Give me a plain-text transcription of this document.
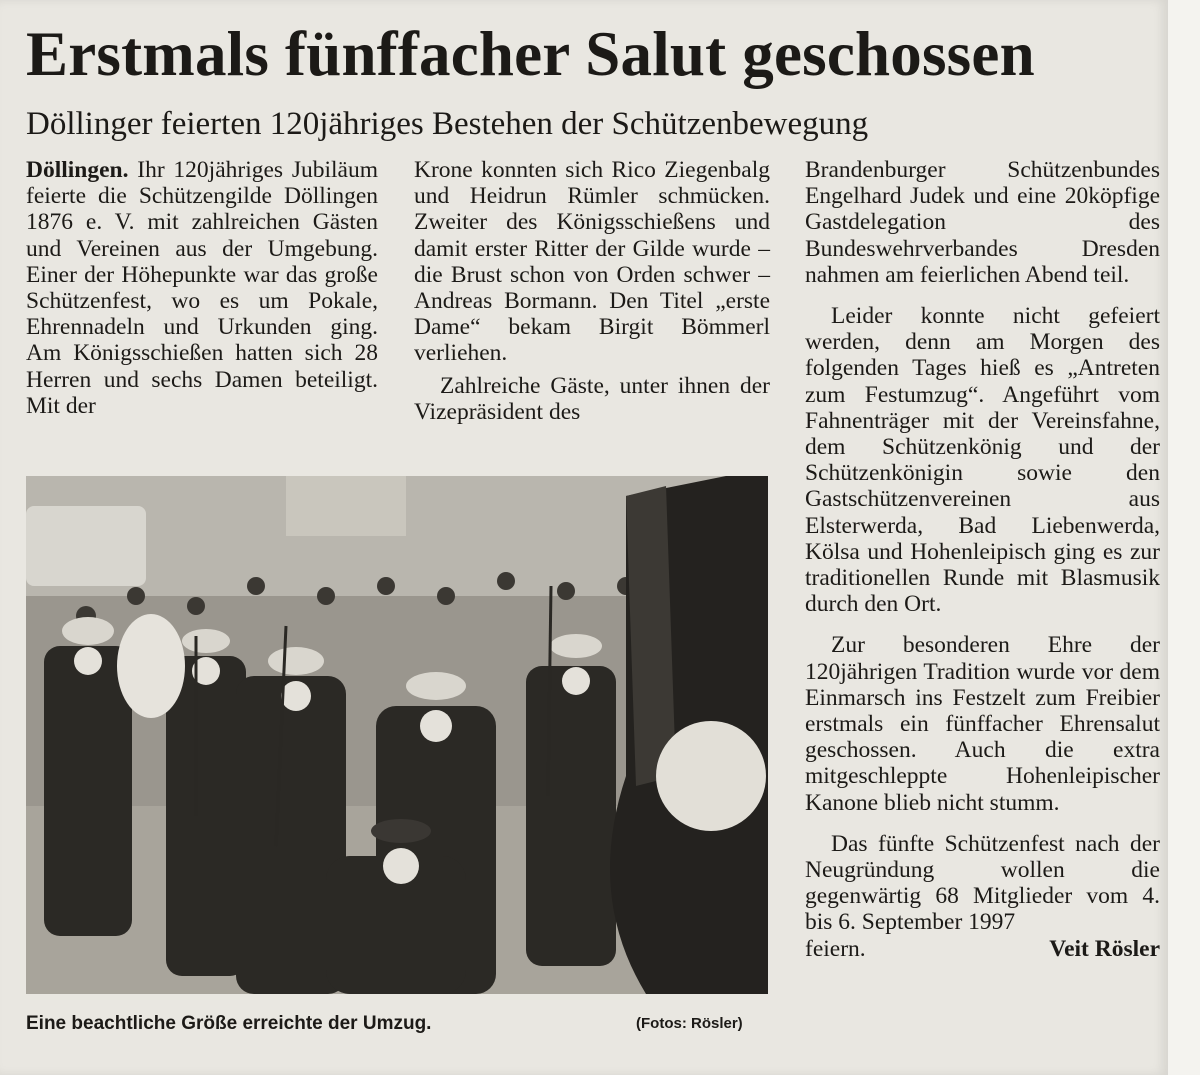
Erstmals fünffacher Salut geschossen
Döllinger feierten 120jähriges Bestehen der Schützenbewegung

Döllingen. Ihr 120jähriges Jubiläum feierte die Schützengilde Döllingen 1876 e. V. mit zahlreichen Gästen und Vereinen aus der Umgebung. Einer der Höhepunkte war das große Schützenfest, wo es um Pokale, Ehrennadeln und Urkunden ging. Am Königsschießen hatten sich 28 Herren und sechs Damen beteiligt. Mit der

Krone konnten sich Rico Ziegenbalg und Heidrun Rümler schmücken. Zweiter des Königsschießens und damit erster Ritter der Gilde wurde – die Brust schon von Orden schwer – Andreas Bormann. Den Titel „erste Dame“ bekam Birgit Bömmerl verliehen.

Zahlreiche Gäste, unter ihnen der Vizepräsident des

Brandenburger Schützenbundes Engelhard Judek und eine 20köpfige Gastdelegation des Bundeswehrverbandes Dresden nahmen am feierlichen Abend teil.

Leider konnte nicht gefeiert werden, denn am Morgen des folgenden Tages hieß es „Antreten zum Festumzug“. Angeführt vom Fahnenträger mit der Vereinsfahne, dem Schützenkönig und der Schützenkönigin sowie den Gastschützenvereinen aus Elsterwerda, Bad Liebenwerda, Kölsa und Hohenleipisch ging es zur traditionellen Runde mit Blasmusik durch den Ort.

Zur besonderen Ehre der 120jährigen Tradition wurde vor dem Einmarsch ins Festzelt zum Freibier erstmals ein fünffacher Ehrensalut geschossen. Auch die extra mitgeschleppte Hohenleipischer Kanone blieb nicht stumm.

Das fünfte Schützenfest nach der Neugründung wollen die gegenwärtig 68 Mitglieder vom 4. bis 6. September 1997

feiern.	Veit Rösler
Eine beachtliche Größe erreichte der Umzug.	(Fotos: Rösler)
